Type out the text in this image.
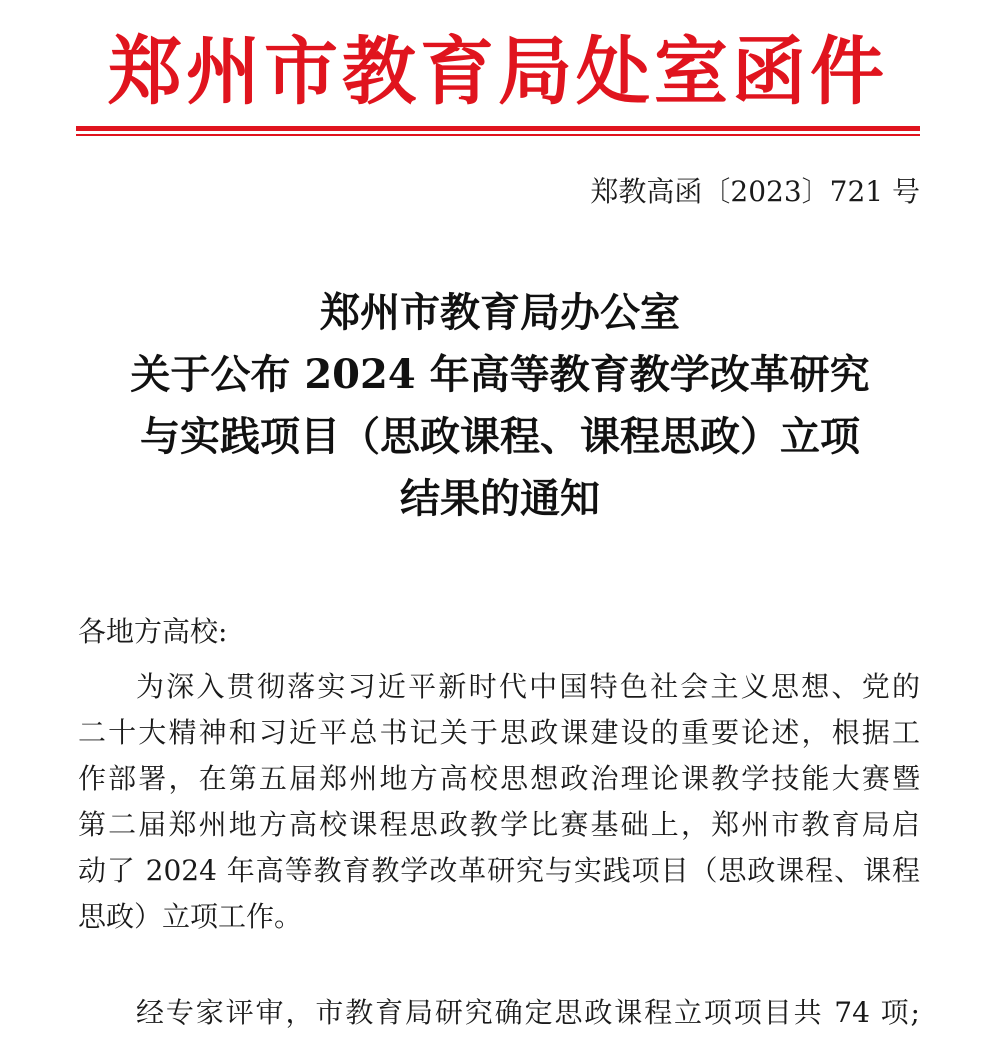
郑州市教育局处室函件
郑教高函〔2023〕721 号
郑州市教育局办公室
关于公布 2024 年高等教育教学改革研究
与实践项目（思政课程、课程思政）立项
结果的通知
各地方高校:
为深入贯彻落实习近平新时代中国特色社会主义思想、党的
二十大精神和习近平总书记关于思政课建设的重要论述，根据工
作部署，在第五届郑州地方高校思想政治理论课教学技能大赛暨
第二届郑州地方高校课程思政教学比赛基础上，郑州市教育局启
动了 2024 年高等教育教学改革研究与实践项目（思政课程、课程
思政）立项工作。
经专家评审，市教育局研究确定思政课程立项项目共 74 项;
